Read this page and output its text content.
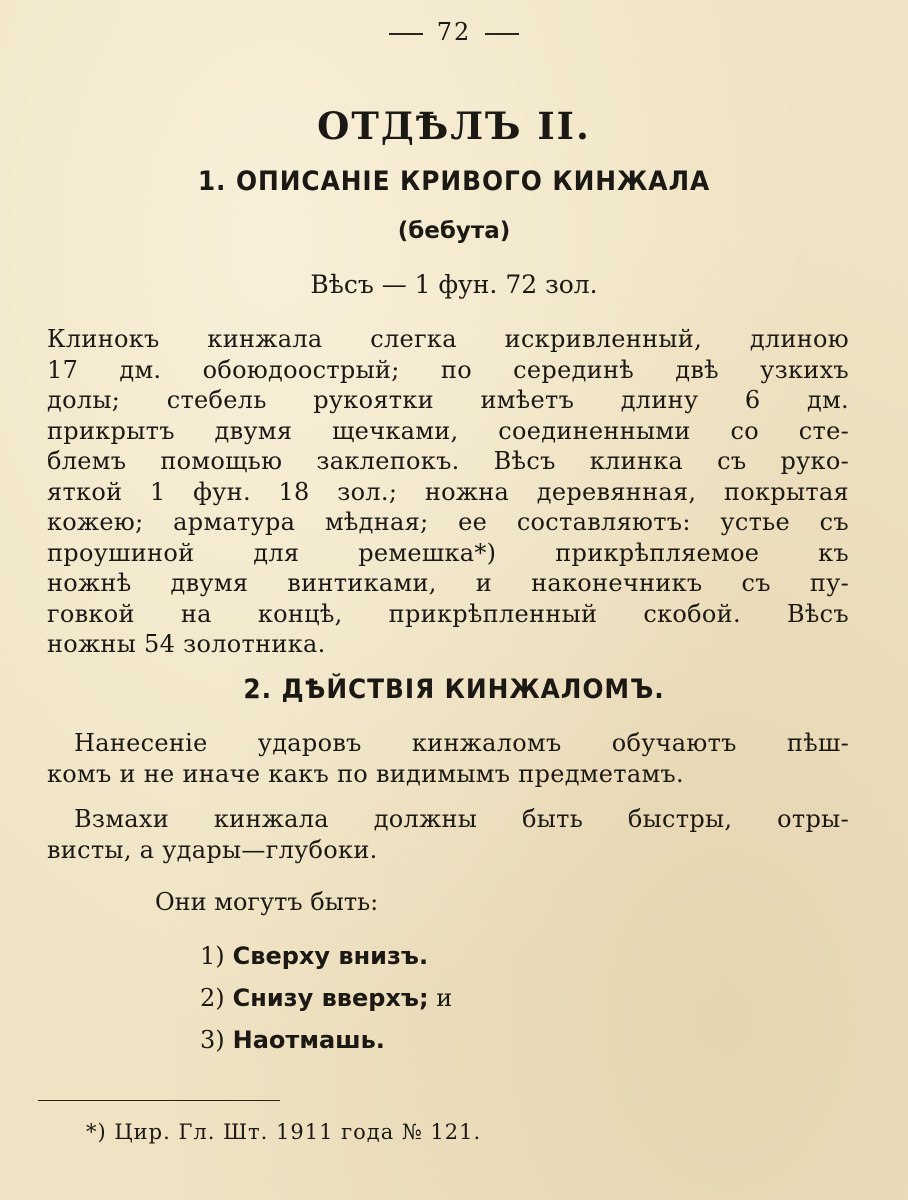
72
ОТДѢЛЪ II.
1. ОПИСАНІЕ КРИВОГО КИНЖАЛА
(бебута)
Вѣсъ — 1 фун. 72 зол.
Клинокъ кинжала слегка искривленный, длиною
17 дм. обоюдоострый; по серединѣ двѣ узкихъ
долы; стебель рукоятки имѣетъ длину 6 дм.
прикрытъ двумя щечками, соединенными со сте-
блемъ помощью заклепокъ. Вѣсъ клинка съ руко-
яткой 1 фун. 18 зол.; ножна деревянная, покрытая
кожею; арматура мѣдная; ее составляютъ: устье съ
проушиной для ремешка*) прикрѣпляемое къ
ножнѣ двумя винтиками, и наконечникъ съ пу-
говкой на концѣ, прикрѣпленный скобой. Вѣсъ
ножны 54 золотника.
2. ДѢЙСТВІЯ КИНЖАЛОМЪ.
Нанесеніе ударовъ кинжаломъ обучаютъ пѣш-
комъ и не иначе какъ по видимымъ предметамъ.
Взмахи кинжала должны быть быстры, отры-
висты, а удары—глубоки.
Они могутъ быть:
1) Сверху внизъ.
2) Снизу вверхъ; и
3) Наотмашь.
*) Цир. Гл. Шт. 1911 года № 121.
